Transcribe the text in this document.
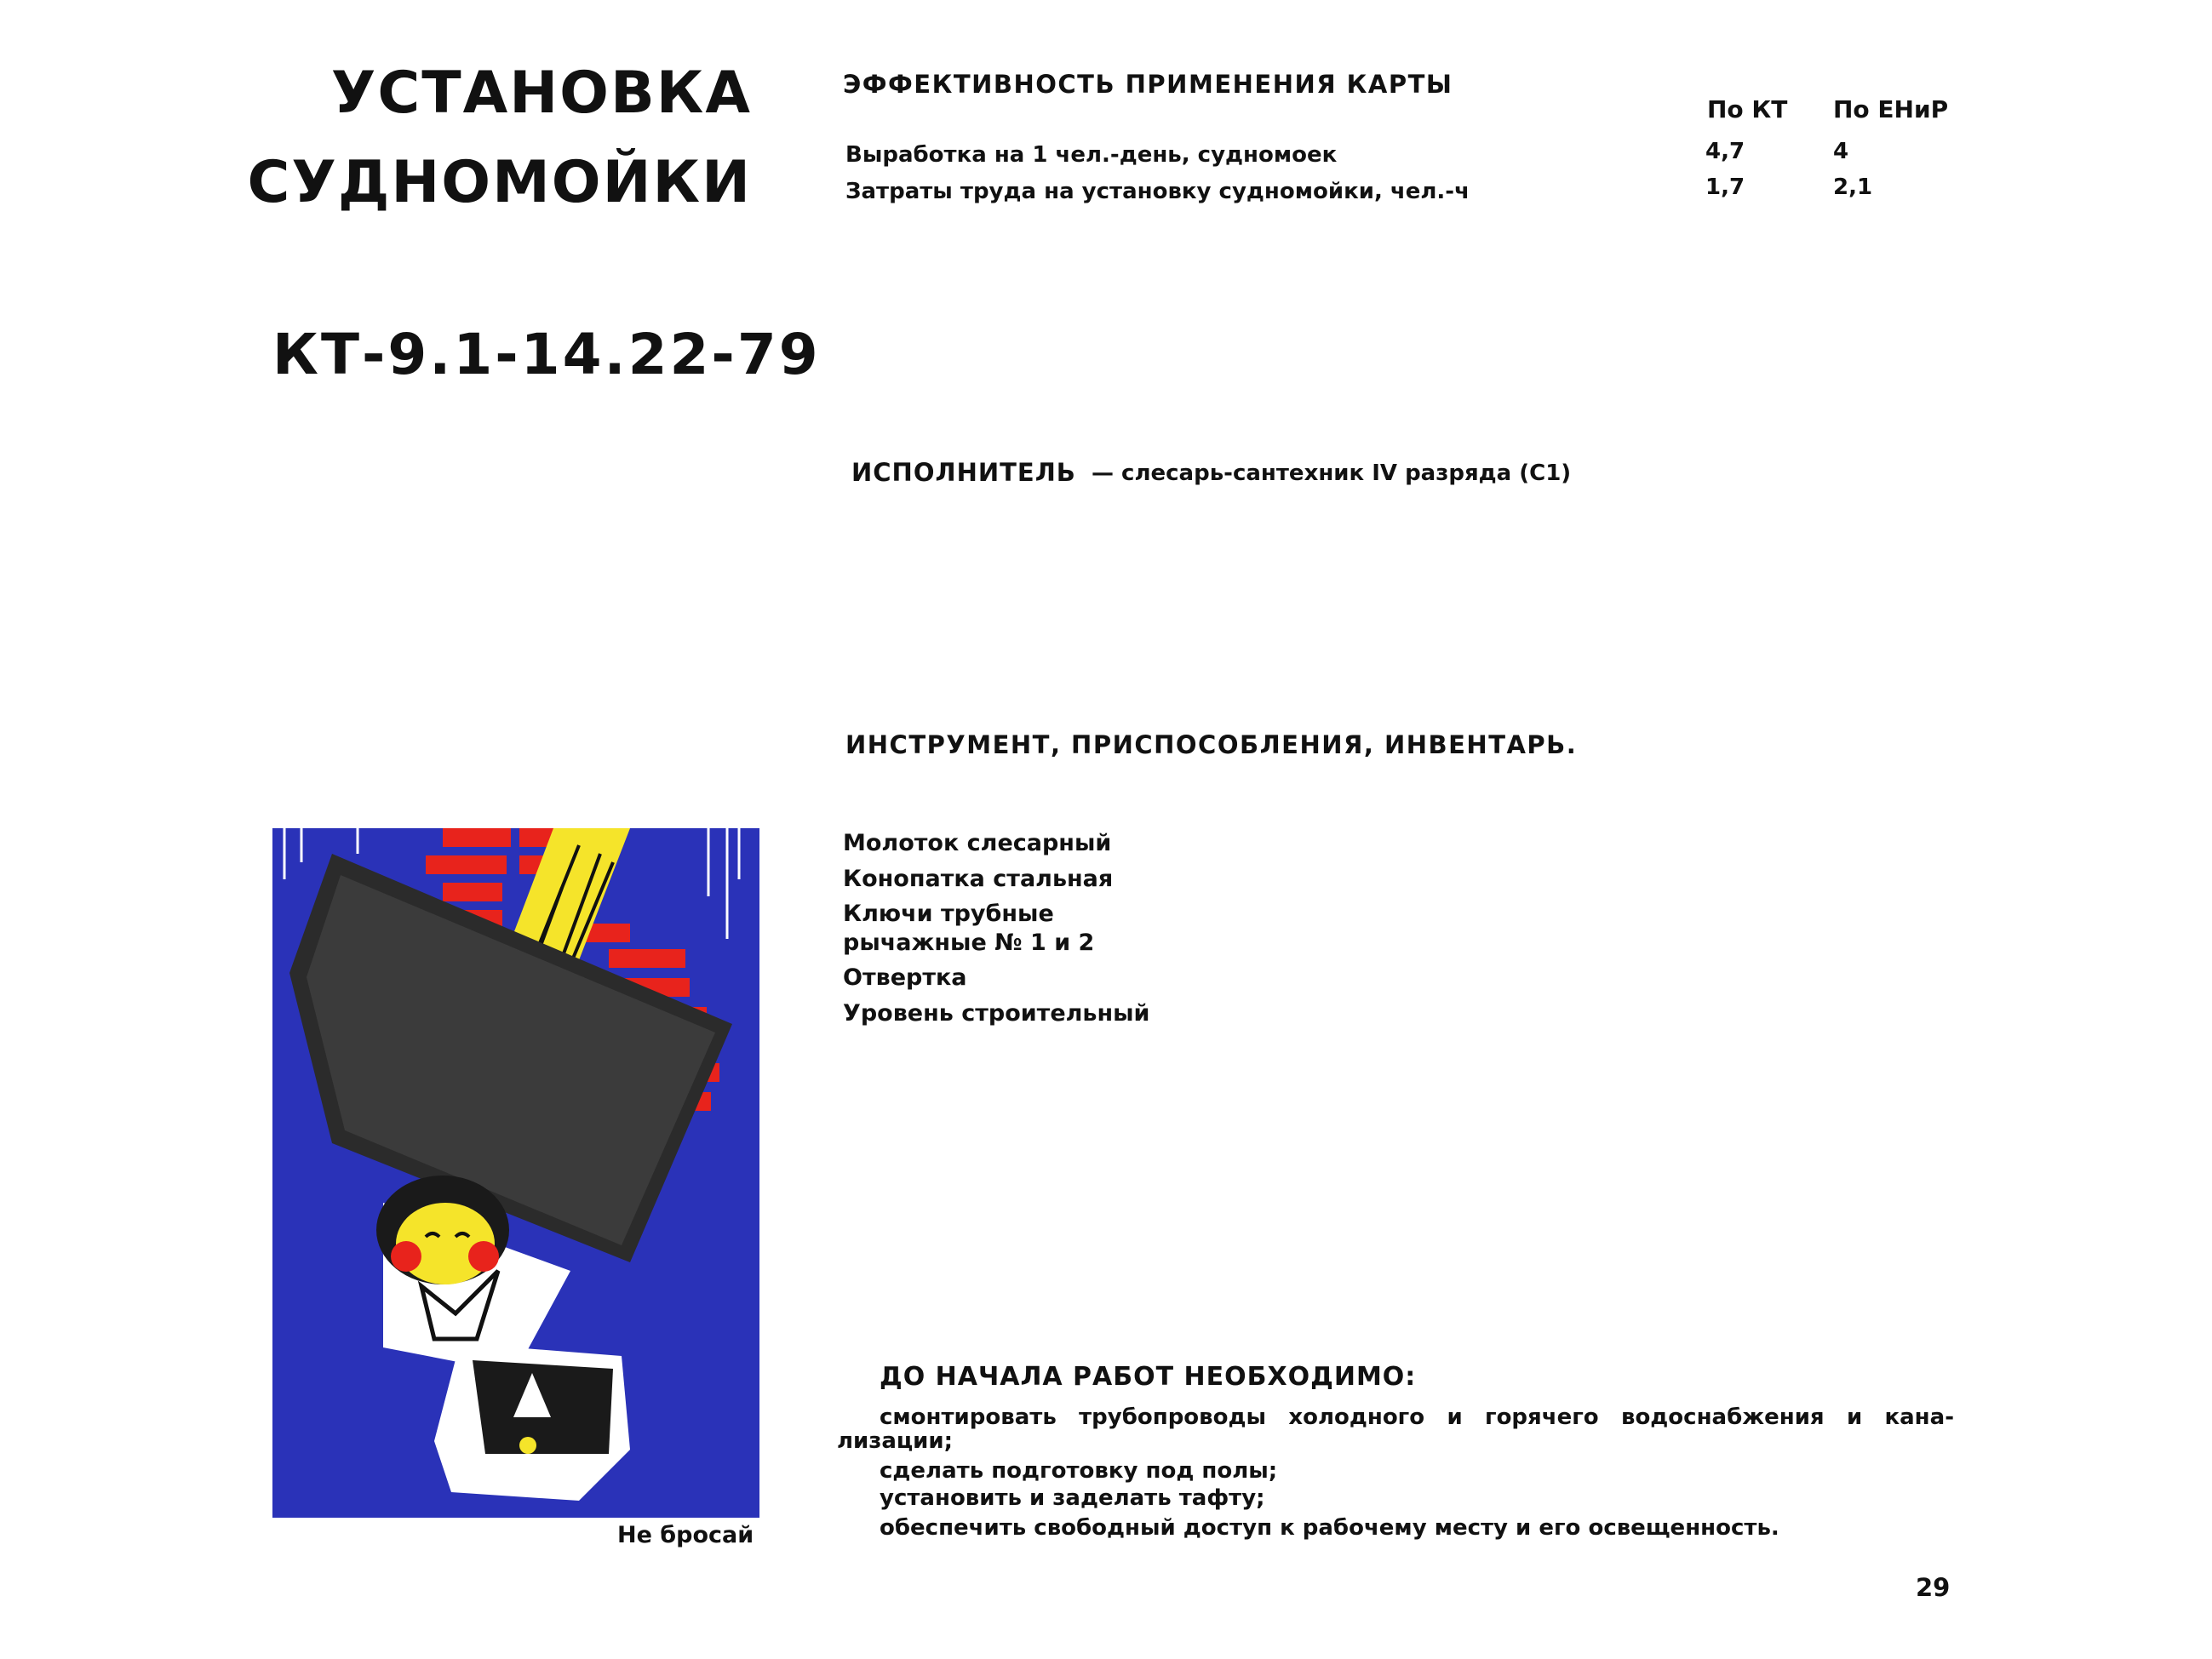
УСТАНОВКА
СУДНОМОЙКИ
КТ-9.1-14.22-79
ЭФФЕКТИВНОСТЬ ПРИМЕНЕНИЯ КАРТЫ
По КТ По ЕНиР
Выработка на 1 чел.-день, судномоек	4,7	4
Затраты труда на установку судномойки, чел.-ч	1,7	2,1
ИСПОЛНИТЕЛЬ — слесарь-сантехник IV разряда (С1)
ИНСТРУМЕНТ, ПРИСПОСОБЛЕНИЯ, ИНВЕНТАРЬ.
Молоток слесарный
Конопатка стальная
Ключи трубные
рычажные № 1 и 2
Отвертка
Уровень строительный
ДО НАЧАЛА РАБОТ НЕОБХОДИМО:
смонтировать трубопроводы холодного и горячего водоснабжения и кана-
лизации;
сделать подготовку под полы;
установить и заделать тафту;
обеспечить свободный доступ к рабочему месту и его освещенность.
Не бросай
29
